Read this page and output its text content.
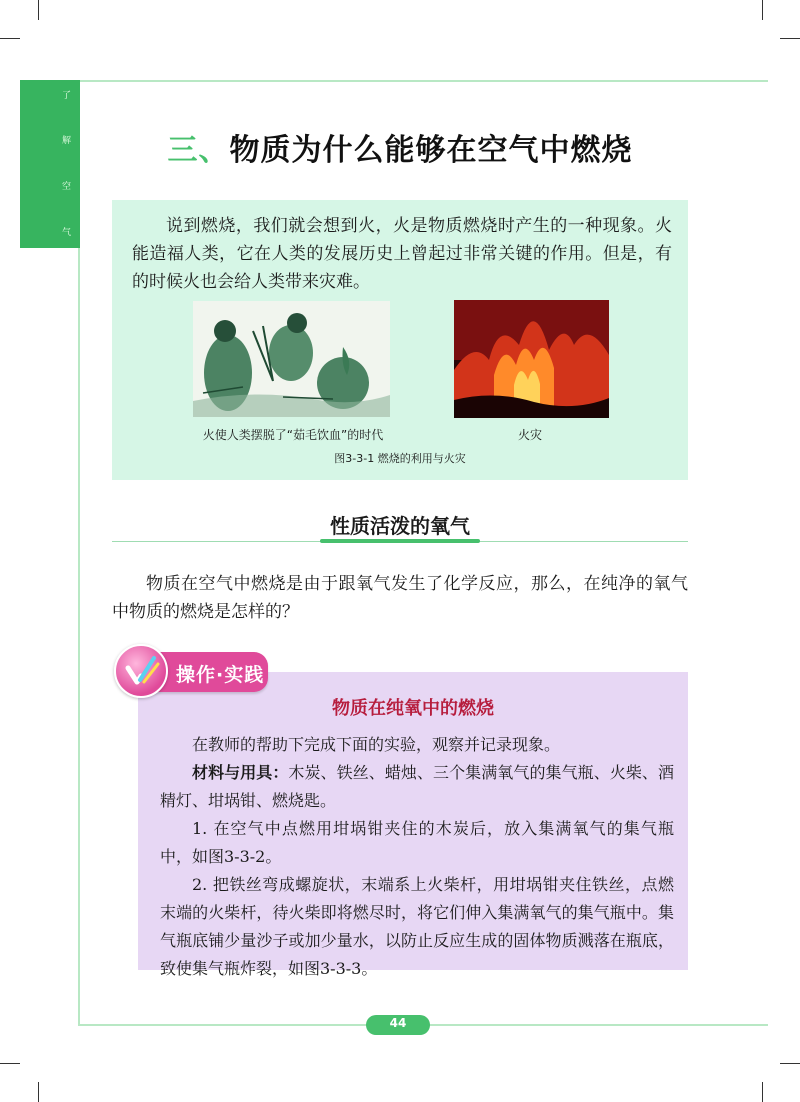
了
解
空
气
三、物质为什么能够在空气中燃烧
说到燃烧，我们就会想到火，火是物质燃烧时产生的一种现象。火能造福人类，它在人类的发展历史上曾起过非常关键的作用。但是，有的时候火也会给人类带来灾难。
火使人类摆脱了“茹毛饮血”的时代	火灾
图3-3-1 燃烧的利用与火灾
性质活泼的氧气
物质在空气中燃烧是由于跟氧气发生了化学反应，那么，在纯净的氧气中物质的燃烧是怎样的？
操作·实践
物质在纯氧中的燃烧

在教师的帮助下完成下面的实验，观察并记录现象。

材料与用具：木炭、铁丝、蜡烛、三个集满氧气的集气瓶、火柴、酒精灯、坩埚钳、燃烧匙。

1. 在空气中点燃用坩埚钳夹住的木炭后，放入集满氧气的集气瓶中，如图3-3-2。

2. 把铁丝弯成螺旋状，末端系上火柴杆，用坩埚钳夹住铁丝，点燃末端的火柴杆，待火柴即将燃尽时，将它们伸入集满氧气的集气瓶中。集气瓶底铺少量沙子或加少量水，以防止反应生成的固体物质溅落在瓶底，致使集气瓶炸裂，如图3-3-3。

44
